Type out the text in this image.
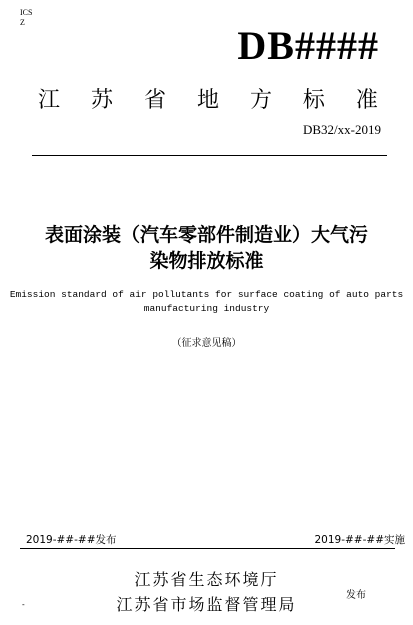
ICS
Z
DB####
江 苏 省 地 方 标 准
DB32/xx-2019
表面涂装（汽车零部件制造业）大气污
染物排放标准
Emission standard of air pollutants for surface coating of auto parts
manufacturing industry
（征求意见稿）
2019-##-##发布	2019-##-##实施
江苏省生态环境厅
江苏省市场监督管理局	发布
-
